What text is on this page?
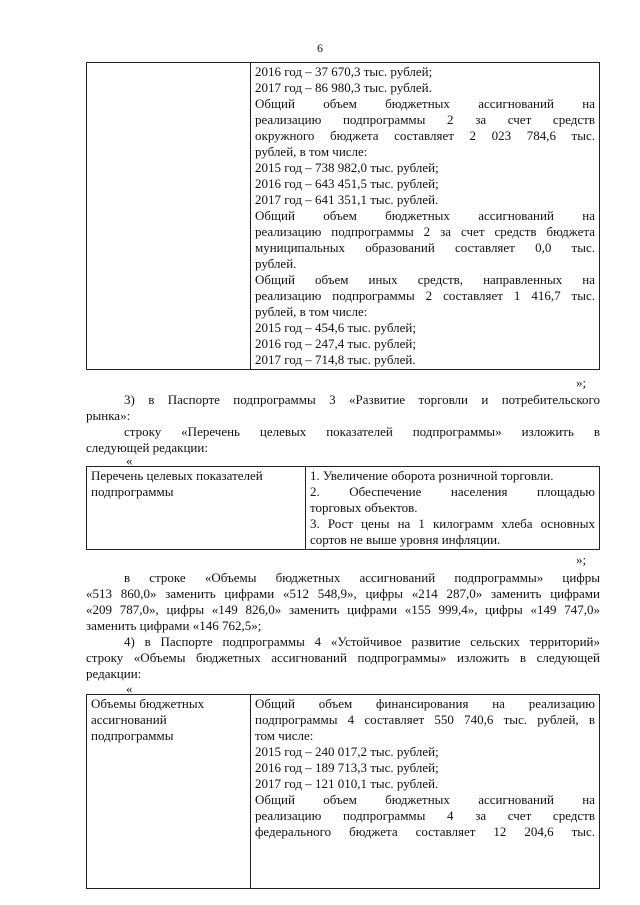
6

2016 год – 37 670,3 тыс. рублей;
2017 год – 86 980,3 тыс. рублей.
Общий объем бюджетных ассигнований на
реализацию подпрограммы 2 за счет средств
окружного бюджета составляет 2 023 784,6 тыс.
рублей, в том числе:
2015 год – 738 982,0 тыс. рублей;
2016 год – 643 451,5 тыс. рублей;
2017 год – 641 351,1 тыс. рублей.
Общий объем бюджетных ассигнований на
реализацию подпрограммы 2 за счет средств бюджета
муниципальных образований составляет 0,0 тыс.
рублей.
Общий объем иных средств, направленных на
реализацию подпрограммы 2 составляет 1 416,7 тыс.
рублей, в том числе:
2015 год – 454,6 тыс. рублей;
2016 год – 247,4 тыс. рублей;
2017 год – 714,8 тыс. рублей.
»;
3) в Паспорте подпрограммы 3 «Развитие торговли и потребительского
рынка»:
строку «Перечень целевых показателей подпрограммы» изложить в
следующей редакции:
«
Перечень целевых показателей
подпрограммы

1. Увеличение оборота розничной торговли.
2. Обеспечение населения площадью
торговых объектов.
3. Рост цены на 1 килограмм хлеба основных
сортов не выше уровня инфляции.
»;
в строке «Объемы бюджетных ассигнований подпрограммы» цифры
«513 860,0» заменить цифрами «512 548,9», цифры «214 287,0» заменить цифрами
«209 787,0», цифры «149 826,0» заменить цифрами «155 999,4», цифры «149 747,0»
заменить цифрами «146 762,5»;
4) в Паспорте подпрограммы 4 «Устойчивое развитие сельских территорий»
строку «Объемы бюджетных ассигнований подпрограммы» изложить в следующей
редакции:
«
Объемы бюджетных
ассигнований
подпрограммы

Общий объем финансирования на реализацию
подпрограммы 4 составляет 550 740,6 тыс. рублей, в
том числе:
2015 год – 240 017,2 тыс. рублей;
2016 год – 189 713,3 тыс. рублей;
2017 год – 121 010,1 тыс. рублей.
Общий объем бюджетных ассигнований на
реализацию подпрограммы 4 за счет средств
федерального бюджета составляет 12 204,6 тыс.
